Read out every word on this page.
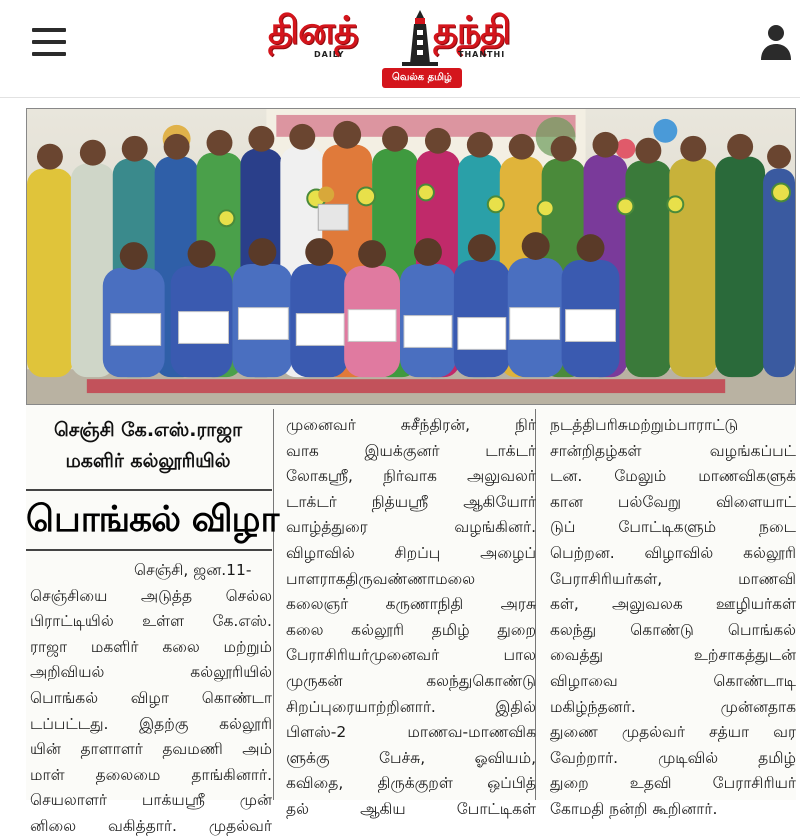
தினத் தந்தி
DAILY	THANTHI
வெல்க தமிழ்
செஞ்சி கே.எஸ்.ராஜா
மகளிர் கல்லூரியில்
பொங்கல் விழா
செஞ்சி, ஜன.11-
செஞ்சியை அடுத்த செல்ல
பிராட்டியில் உள்ள கே.எஸ்.
ராஜா மகளிர் கலை மற்றும்
அறிவியல் கல்லூரியில்
பொங்கல் விழா கொண்டா
டப்பட்டது. இதற்கு கல்லூரி
யின் தாளாளர் தவமணி அம்
மாள் தலைமை தாங்கினார்.
செயலாளர் பாக்யஸ்ரீ முன்
னிலை வகித்தார். முதல்வர்
முனைவர் சுசீந்திரன், நிர்
வாக இயக்குனர் டாக்டர்
லோகஸ்ரீ, நிர்வாக அலுவலர்
டாக்டர் நித்யஸ்ரீ ஆகியோர்
வாழ்த்துரை வழங்கினர்.
விழாவில் சிறப்பு அழைப்
பாளராகதிருவண்ணாமலை
கலைஞர் கருணாநிதி அரசு
கலை கல்லூரி தமிழ் துறை
பேராசிரியர்முனைவர் பால
முருகன் கலந்துகொண்டு
சிறப்புரையாற்றினார். இதில்
பிளஸ்-2 மாணவ-மாணவிக
ளுக்கு பேச்சு, ஓவியம்,
கவிதை, திருக்குறள் ஒப்பித்
தல் ஆகிய போட்டிகள்
நடத்திபரிசுமற்றும்பாராட்டு
சான்றிதழ்கள் வழங்கப்பட்
டன. மேலும் மாணவிகளுக்
கான பல்வேறு விளையாட்
டுப் போட்டிகளும் நடை
பெற்றன. விழாவில் கல்லூரி
பேராசிரியர்கள், மாணவி
கள், அலுவலக ஊழியர்கள்
கலந்து கொண்டு பொங்கல்
வைத்து உற்சாகத்துடன்
விழாவை கொண்டாடி
மகிழ்ந்தனர். முன்னதாக
துணை முதல்வர் சத்யா வர
வேற்றார். முடிவில் தமிழ்
துறை உதவி பேராசிரியர்
கோமதி நன்றி கூறினார்.
